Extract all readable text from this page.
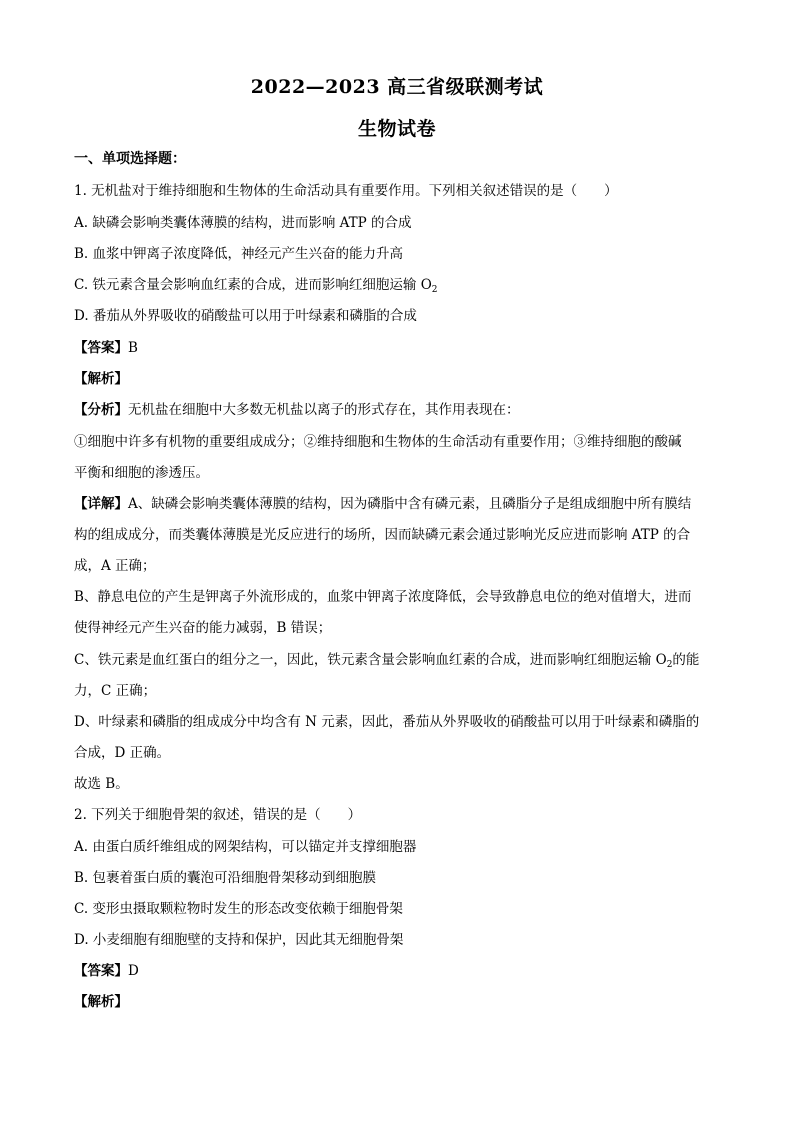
2022—2023 高三省级联测考试
生物试卷
一、单项选择题：
1. 无机盐对于维持细胞和生物体的生命活动具有重要作用。下列相关叙述错误的是（　　）
A. 缺磷会影响类囊体薄膜的结构，进而影响 ATP 的合成
B. 血浆中钾离子浓度降低，神经元产生兴奋的能力升高
C. 铁元素含量会影响血红素的合成，进而影响红细胞运输 $O_2$
D. 番茄从外界吸收的硝酸盐可以用于叶绿素和磷脂的合成
【答案】B
【解析】
【分析】无机盐在细胞中大多数无机盐以离子的形式存在，其作用表现在：
①细胞中许多有机物的重要组成成分；②维持细胞和生物体的生命活动有重要作用；③维持细胞的酸碱
平衡和细胞的渗透压。
【详解】A、缺磷会影响类囊体薄膜的结构，因为磷脂中含有磷元素，且磷脂分子是组成细胞中所有膜结
构的组成成分，而类囊体薄膜是光反应进行的场所，因而缺磷元素会通过影响光反应进而影响 ATP 的合
成，A 正确；
B、静息电位的产生是钾离子外流形成的，血浆中钾离子浓度降低，会导致静息电位的绝对值增大，进而
使得神经元产生兴奋的能力减弱，B 错误；
C、铁元素是血红蛋白的组分之一，因此，铁元素含量会影响血红素的合成，进而影响红细胞运输 $O_2$的能
力，C 正确；
D、叶绿素和磷脂的组成成分中均含有 N 元素，因此，番茄从外界吸收的硝酸盐可以用于叶绿素和磷脂的
合成，D 正确。
故选 B。
2. 下列关于细胞骨架的叙述，错误的是（　　）
A. 由蛋白质纤维组成的网架结构，可以锚定并支撑细胞器
B. 包裹着蛋白质的囊泡可沿细胞骨架移动到细胞膜
C. 变形虫摄取颗粒物时发生的形态改变依赖于细胞骨架
D. 小麦细胞有细胞壁的支持和保护，因此其无细胞骨架
【答案】D
【解析】
